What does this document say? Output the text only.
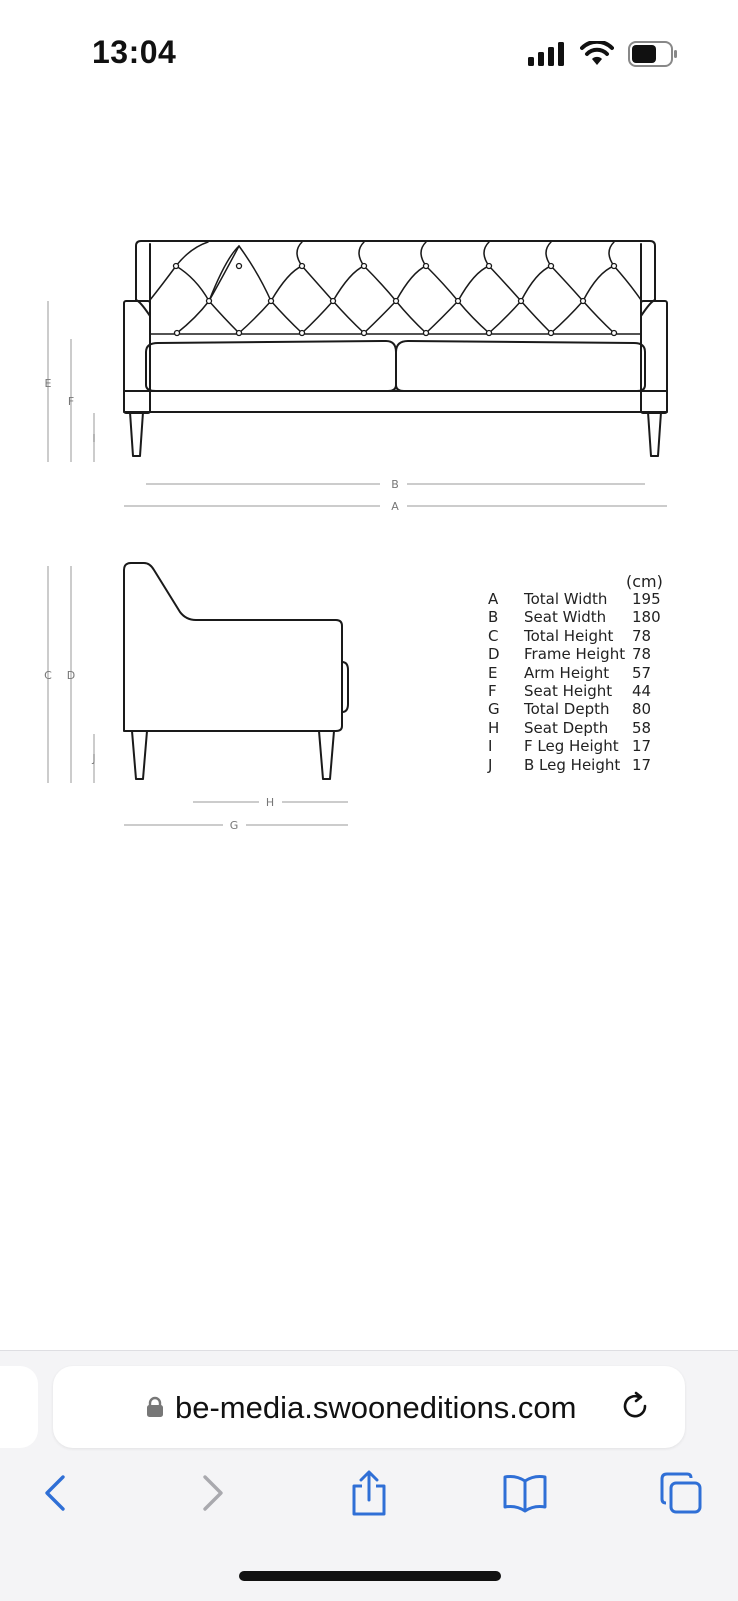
13:04
E
F
I
B
A
C D
J
H
G
(cm)
A Total Width 195
B Seat Width 180
C Total Height 78
D Frame Height 78
E Arm Height 57
F Seat Height 44
G Total Depth 80
H Seat Depth 58
I F Leg Height 17
J B Leg Height 17
be-media.swooneditions.com
